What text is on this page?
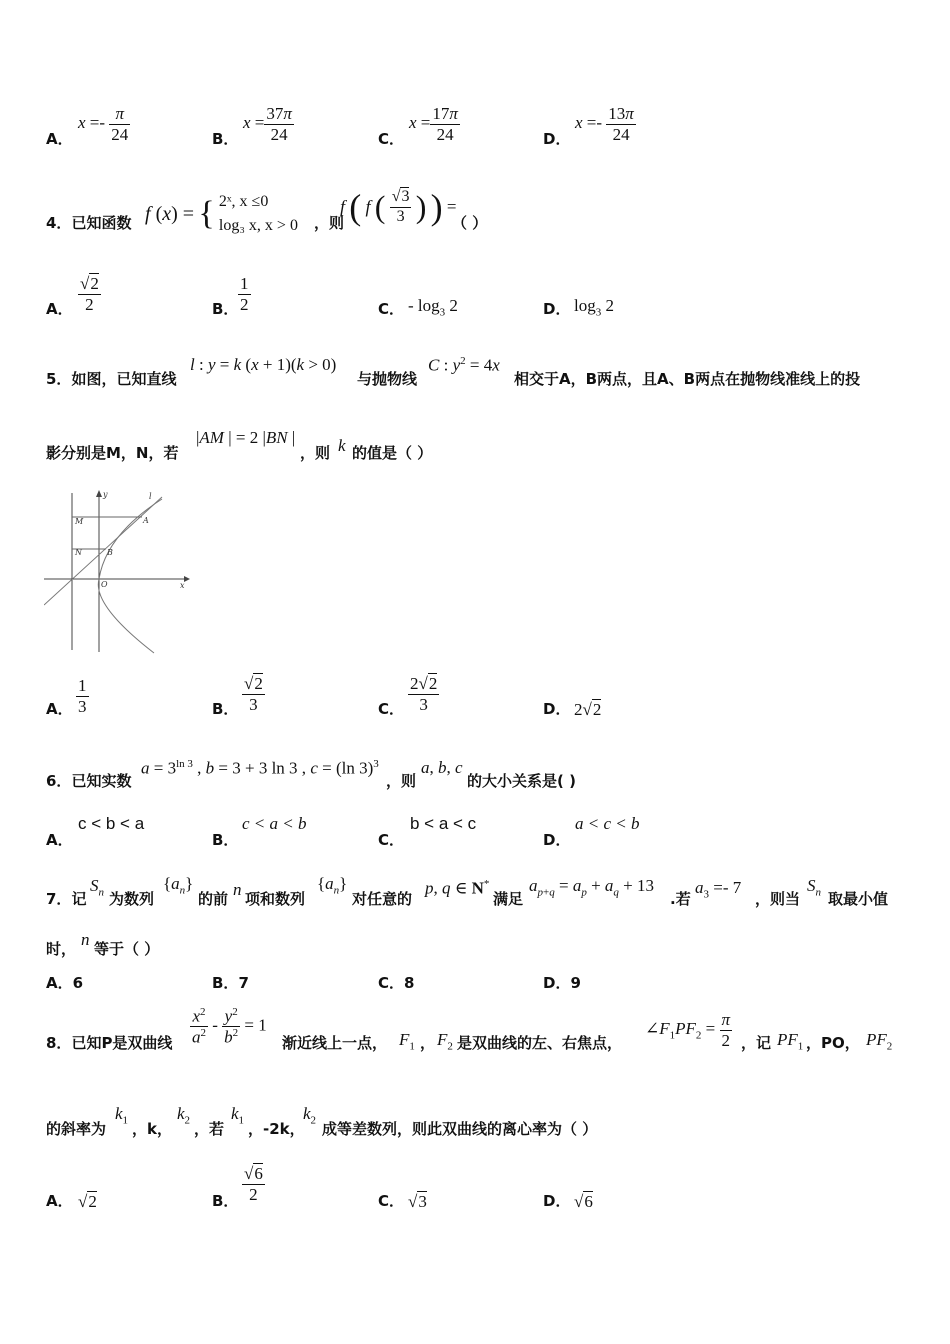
A．
$x =- \frac{\pi}{24}$	B．
$x = \frac{37\pi}{24}$	C．
$x = \frac{17\pi}{24}$	D．
$x =- \frac{13\pi}{24}$
4．已知函数 f (x) = { 2ˣ, x ≤0
log₃ x, x > 0 ，则
f ( f ( $\frac{√3}{3}$ ) ) =
（ ）
A． $\frac{√2}{2}$	B． $\frac{1}{2}$	C． - $\log_3 2$	D． $\log_3 2$
5．如图，已知直线
l : y = k (x + 1)(k > 0)
与抛物线
C : $y^2 = 4x$
相交于A，B两点，且A、B两点在抛物线准线上的投
影分别是M，N，若
|AM | = 2 |BN |
，则 k 的值是（ ）
y
x
O
l
M
N
A
B
A． $\frac{1}{3}$	B． $\frac{√2}{3}$	C． $\frac{2√2}{3}$	D． 2√2
6．已知实数
$a = 3^{ln 3}$ , b = 3 + 3 ln 3 , c = (ln 3)$^3$
，则
a, b, c
的大小关系是( )
A．
c < b < a
B．
c < a < b
C．
b < a < c
D．
a < c < b
7．记
$S_n$ 为数列
$\{a_n\}$
的前 n 项和数列
$\{a_n\}$
对任意的
p, q ∈ N*
满足
$a_{p+q} = a_p + a_q + 13$
.若
$a_3 =- 7$
，则当
$S_n$ 取最小值
时， n 等于（ ）
A．6	B．7	C．8	D．9
8．已知P是双曲线 $\frac{x^2}{a^2} - \frac{y^2}{b^2} = 1$
渐近线上一点， $F_1$ ， $F_2$ 是双曲线的左、右焦点，
$\angle F_1PF_2 = \frac{\pi}{2}$ ，记 $PF_1$ ，PO， $PF_2$
的斜率为
$k_1$ ，k，
$k_2$ ，若
$k_1$ ，-2k，
$k_2$ 成等差数列，则此双曲线的离心率为（ ）
A． √2	B． $\frac{√6}{2}$	C． √3	D． √6
